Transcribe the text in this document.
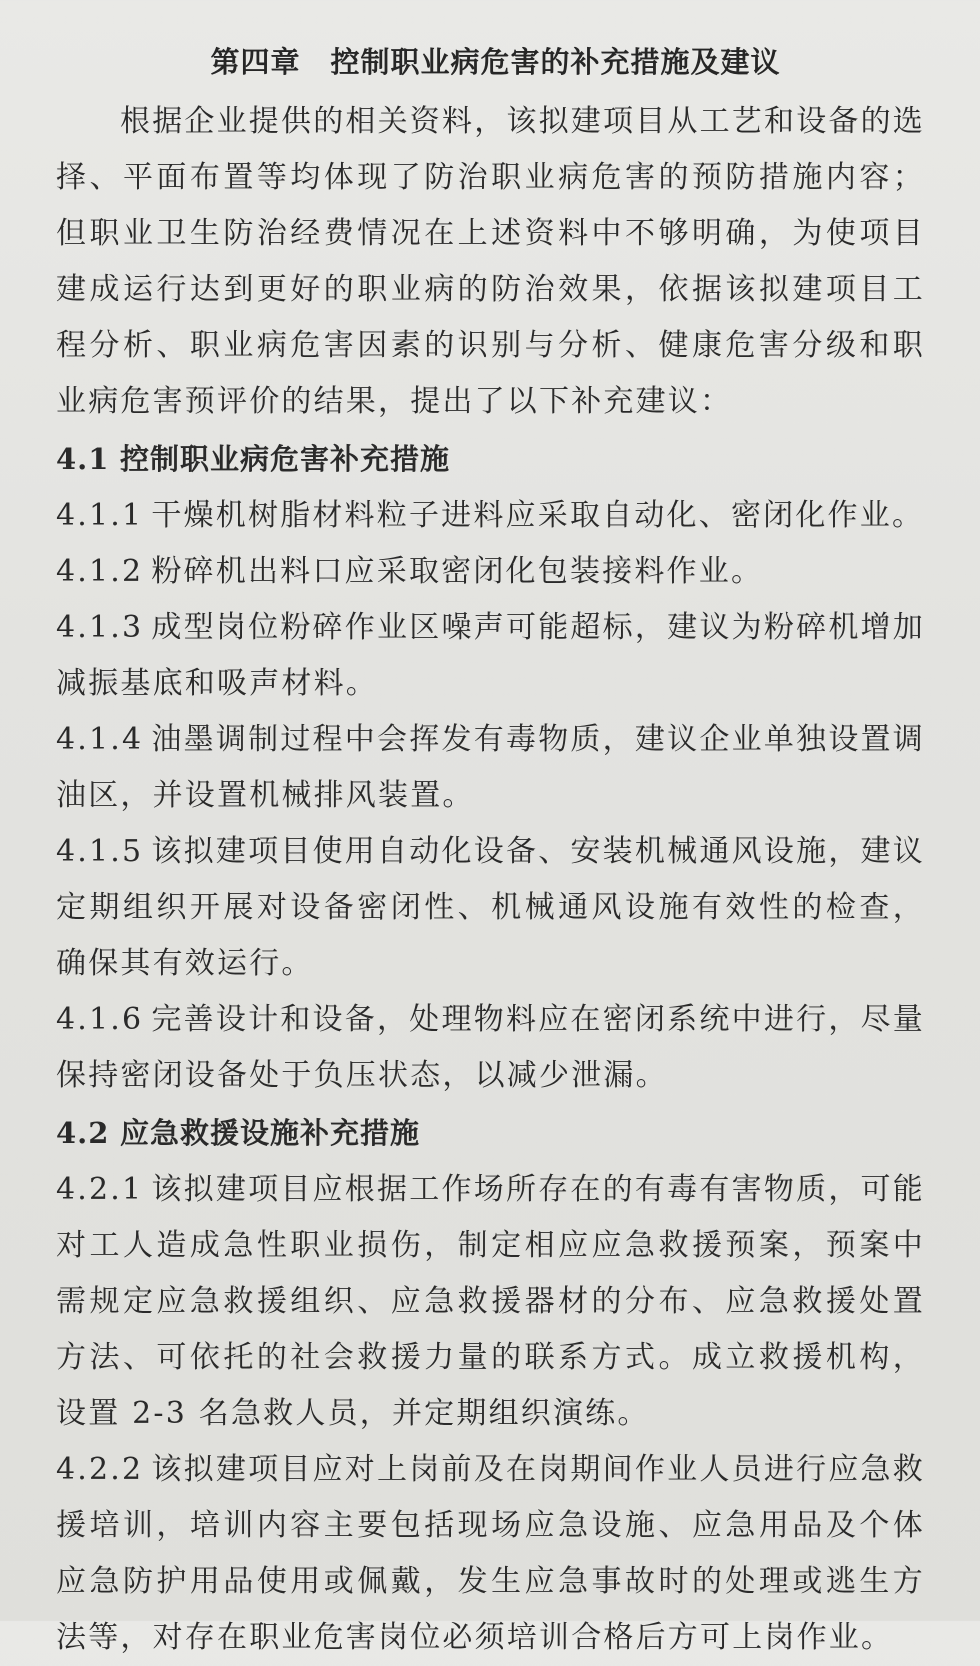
第四章　控制职业病危害的补充措施及建议

根据企业提供的相关资料，该拟建项目从工艺和设备的选择、平面布置等均体现了防治职业病危害的预防措施内容；但职业卫生防治经费情况在上述资料中不够明确，为使项目建成运行达到更好的职业病的防治效果，依据该拟建项目工程分析、职业病危害因素的识别与分析、健康危害分级和职业病危害预评价的结果，提出了以下补充建议：

4.1 控制职业病危害补充措施

4.1.1 干燥机树脂材料粒子进料应采取自动化、密闭化作业。

4.1.2 粉碎机出料口应采取密闭化包装接料作业。

4.1.3 成型岗位粉碎作业区噪声可能超标，建议为粉碎机增加减振基底和吸声材料。

4.1.4 油墨调制过程中会挥发有毒物质，建议企业单独设置调油区，并设置机械排风装置。

4.1.5 该拟建项目使用自动化设备、安装机械通风设施，建议定期组织开展对设备密闭性、机械通风设施有效性的检查，确保其有效运行。

4.1.6 完善设计和设备，处理物料应在密闭系统中进行，尽量保持密闭设备处于负压状态，以减少泄漏。

4.2 应急救援设施补充措施

4.2.1 该拟建项目应根据工作场所存在的有毒有害物质，可能对工人造成急性职业损伤，制定相应应急救援预案，预案中需规定应急救援组织、应急救援器材的分布、应急救援处置方法、可依托的社会救援力量的联系方式。成立救援机构，设置 2-3 名急救人员，并定期组织演练。

4.2.2 该拟建项目应对上岗前及在岗期间作业人员进行应急救援培训，培训内容主要包括现场应急设施、应急用品及个体应急防护用品使用或佩戴，发生应急事故时的处理或逃生方法等，对存在职业危害岗位必须培训合格后方可上岗作业。
